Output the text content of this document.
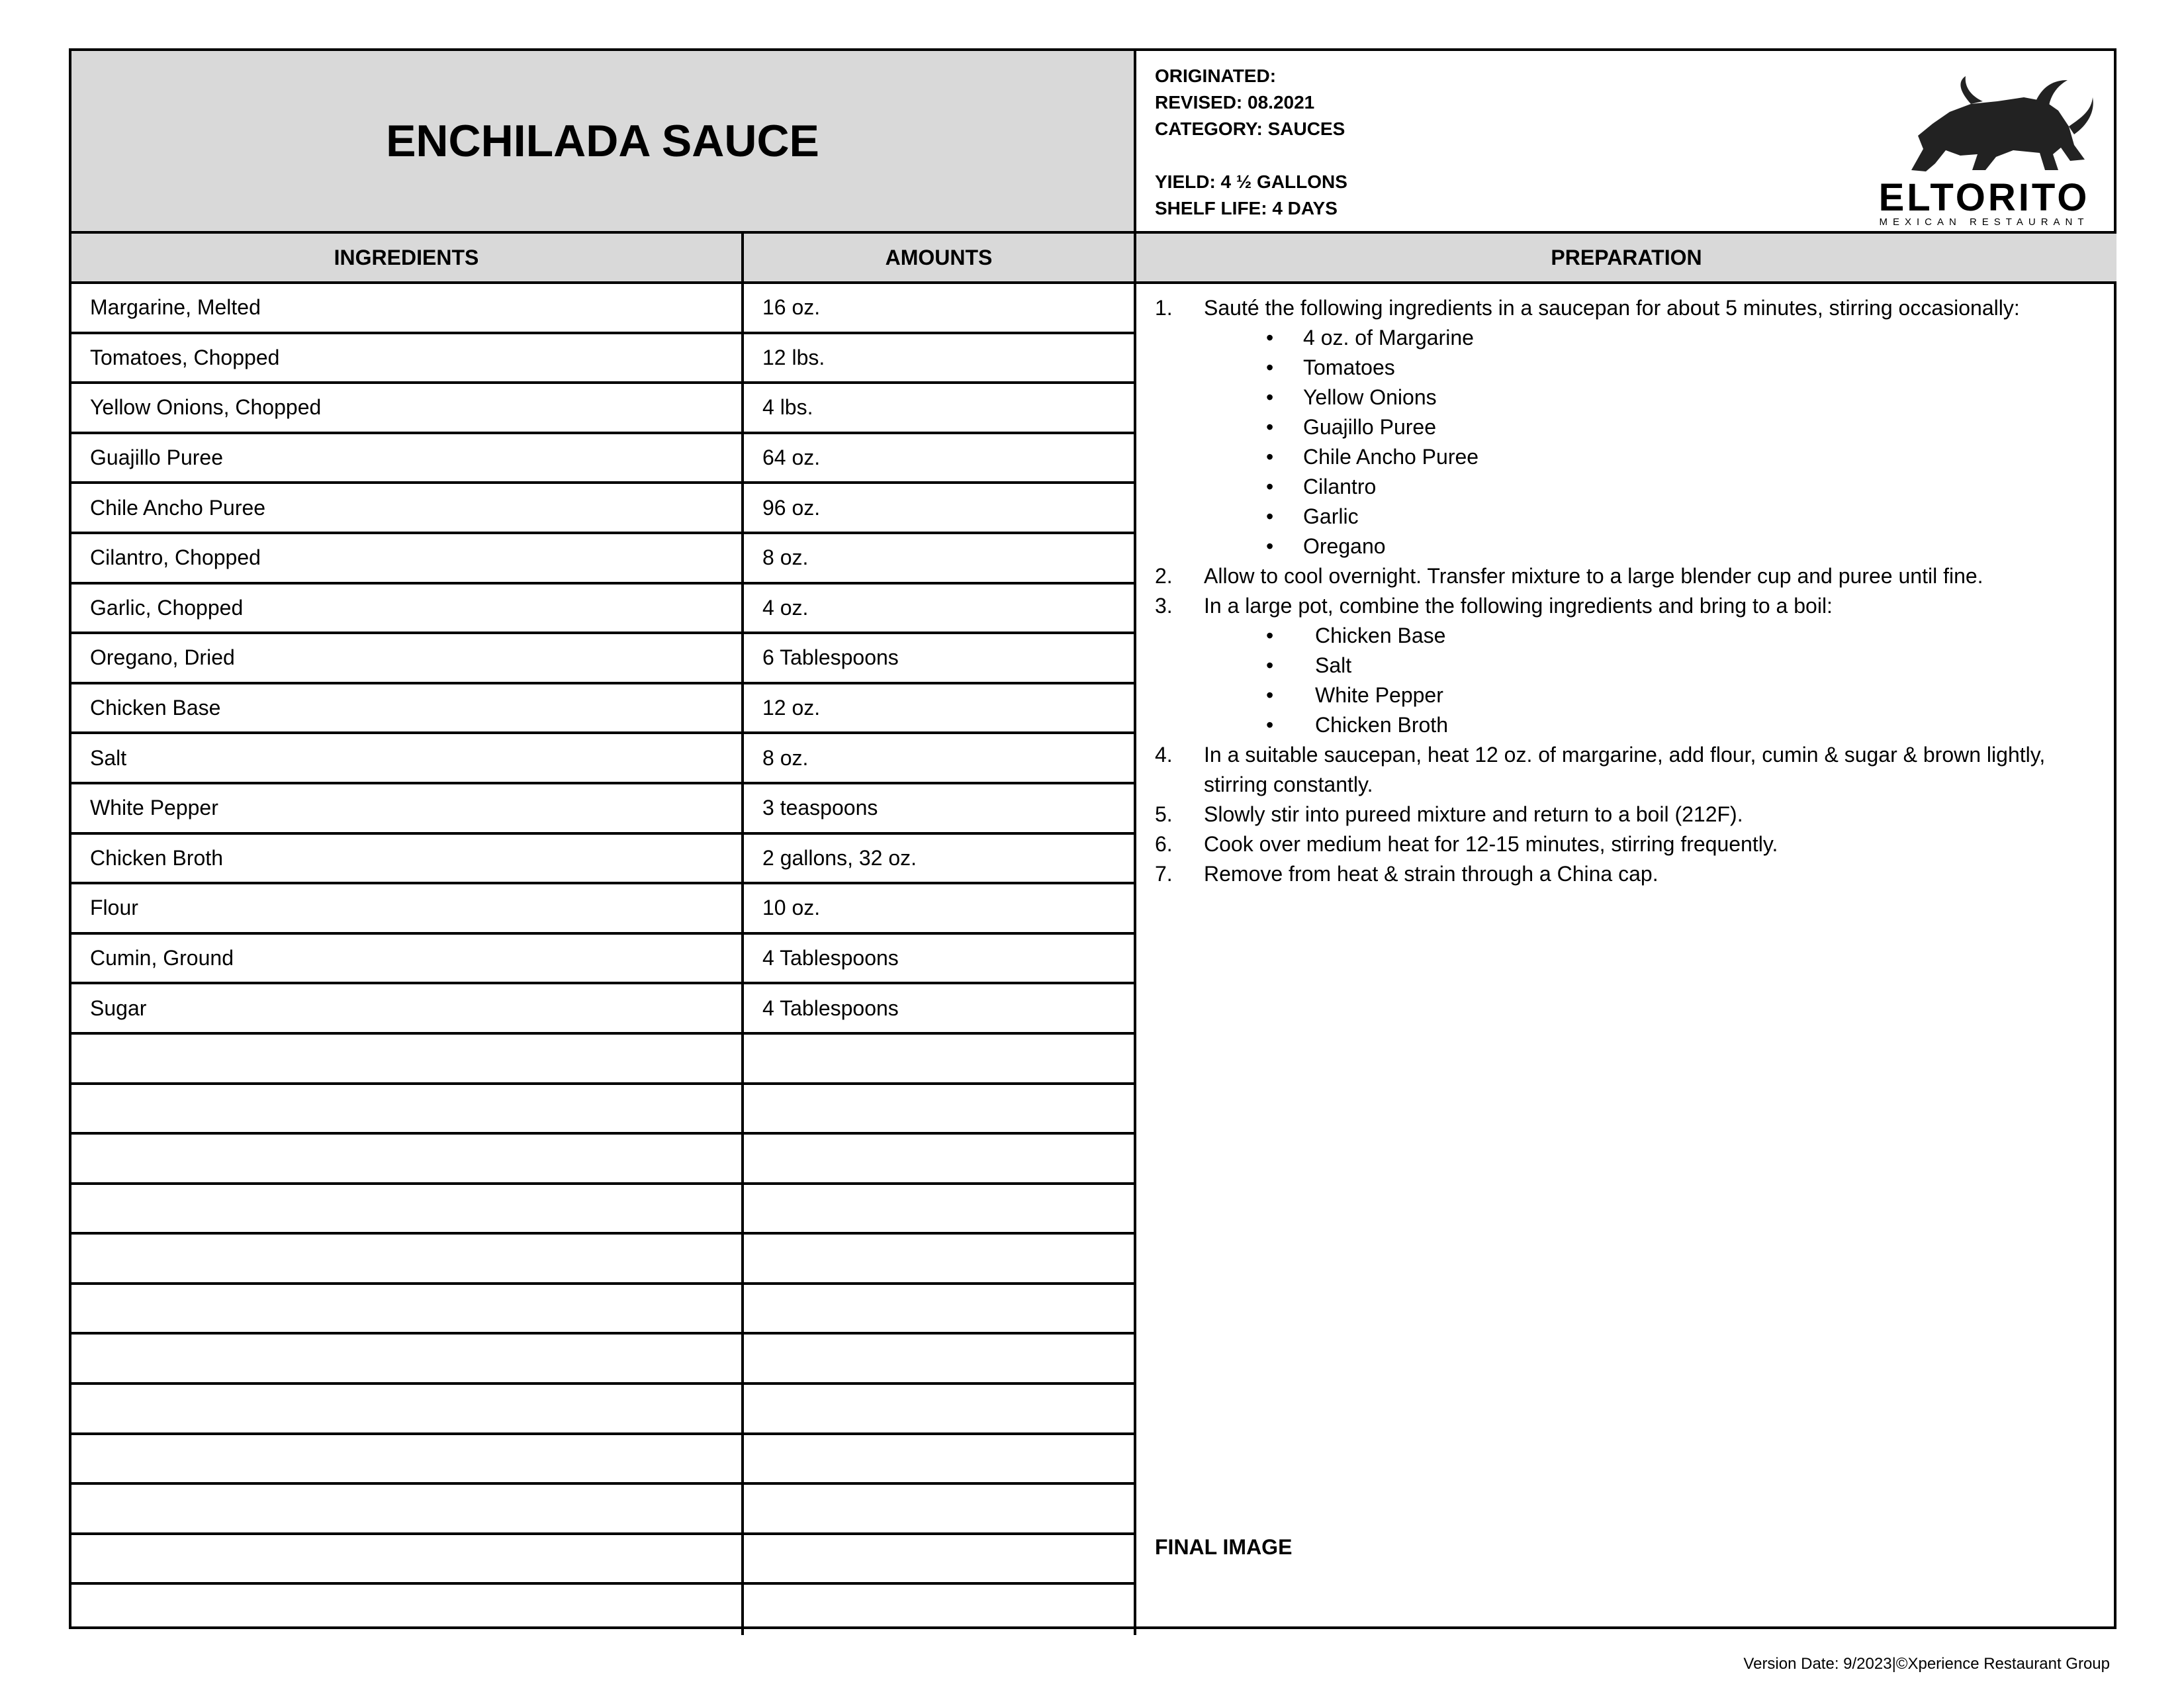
ENCHILADA SAUCE
ORIGINATED:
REVISED: 08.2021
CATEGORY: SAUCES
YIELD: 4 ½ GALLONS
SHELF LIFE: 4 DAYS	ELTORITO
MEXICAN RESTAURANT
INGREDIENTS	AMOUNTS	PREPARATION
Margarine, Melted	16 oz.
Tomatoes, Chopped	12 lbs.
Yellow Onions, Chopped	4 lbs.
Guajillo Puree	64 oz.
Chile Ancho Puree	96 oz.
Cilantro, Chopped	8 oz.
Garlic, Chopped	4 oz.
Oregano, Dried	6 Tablespoons
Chicken Base	12 oz.
Salt	8 oz.
White Pepper	3 teaspoons
Chicken Broth	2 gallons, 32 oz.
Flour	10 oz.
Cumin, Ground	4 Tablespoons
Sugar	4 Tablespoons
1.	Sauté the following ingredients in a saucepan for about 5 minutes, stirring occasionally:
•	4 oz. of Margarine
•	Tomatoes
•	Yellow Onions
•	Guajillo Puree
•	Chile Ancho Puree
•	Cilantro
•	Garlic
•	Oregano
2.	Allow to cool overnight. Transfer mixture to a large blender cup and puree until fine.
3.	In a large pot, combine the following ingredients and bring to a boil:
•	Chicken Base
•	Salt
•	White Pepper
•	Chicken Broth
4.	In a suitable saucepan, heat 12 oz. of margarine, add flour, cumin & sugar & brown lightly, stirring constantly.
5.	Slowly stir into pureed mixture and return to a boil (212F).
6.	Cook over medium heat for 12-15 minutes, stirring frequently.
7.	Remove from heat & strain through a China cap.
FINAL IMAGE
Version Date: 9/2023|©Xperience Restaurant Group
